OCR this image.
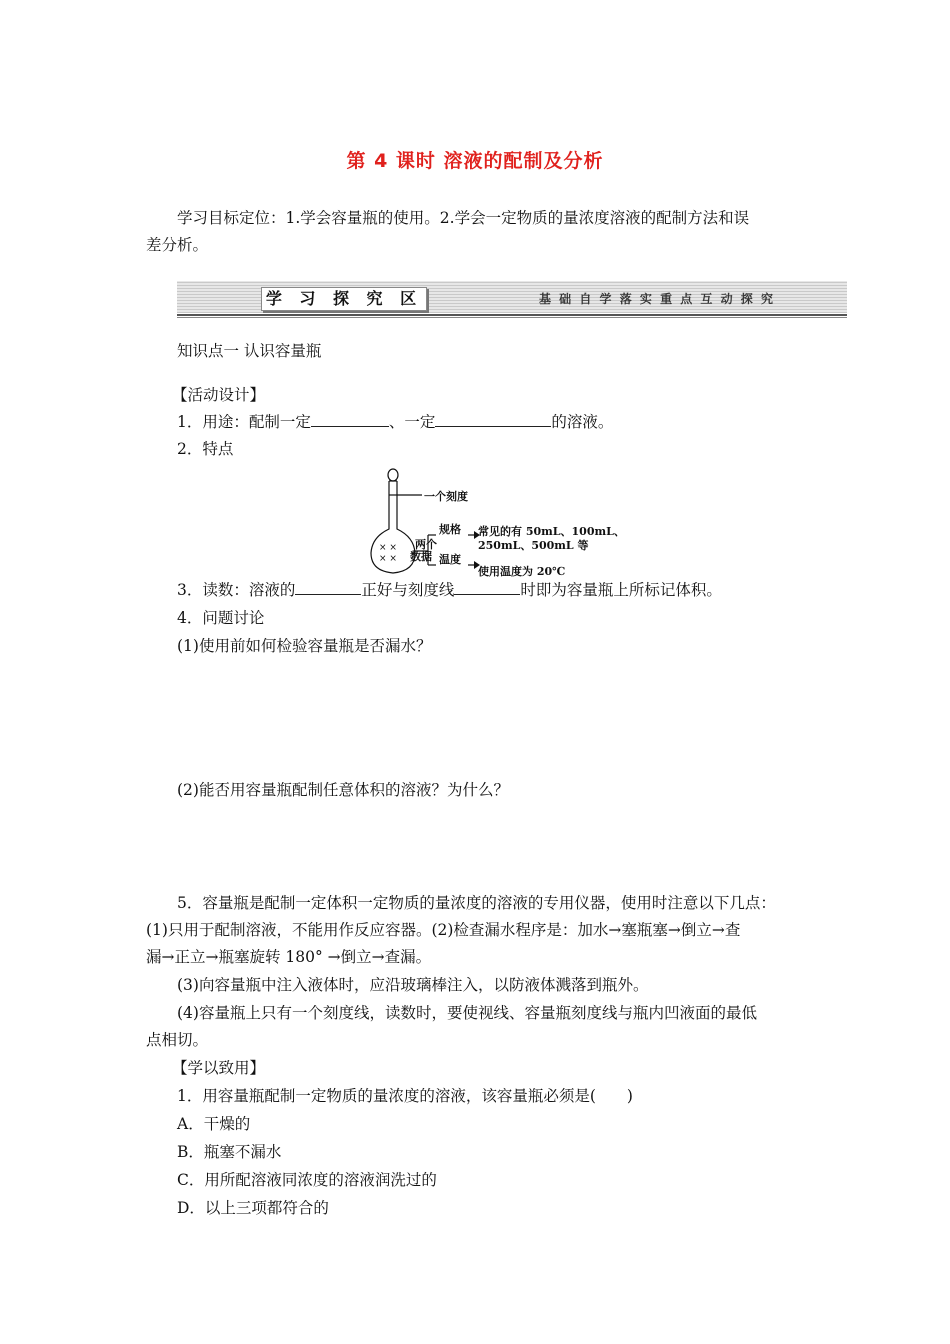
第 4 课时 溶液的配制及分析
学习目标定位：1.学会容量瓶的使用。2.学会一定物质的量浓度溶液的配制方法和误
差分析。
学 习 探 究 区	基 础 自 学 落 实 重 点 互 动 探 究
知识点一 认识容量瓶
【活动设计】
1．用途：配制一定	、一定	的溶液。
2．特点
× ×
× ×
一个刻度
规格 常见的有 50mL、100mL、
250mL、500mL 等
两个
数据 温度
使用温度为 20℃
3．读数：溶液的	正好与刻度线	时即为容量瓶上所标记体积。
4．问题讨论
(1)使用前如何检验容量瓶是否漏水？
(2)能否用容量瓶配制任意体积的溶液？为什么？
5．容量瓶是配制一定体积一定物质的量浓度的溶液的专用仪器，使用时注意以下几点：
(1)只用于配制溶液，不能用作反应容器。(2)检查漏水程序是：加水→塞瓶塞→倒立→查
漏→正立→瓶塞旋转 180° →倒立→查漏。
(3)向容量瓶中注入液体时，应沿玻璃棒注入，以防液体溅落到瓶外。
(4)容量瓶上只有一个刻度线，读数时，要使视线、容量瓶刻度线与瓶内凹液面的最低
点相切。
【学以致用】
1．用容量瓶配制一定物质的量浓度的溶液，该容量瓶必须是(　　)
A．干燥的
B．瓶塞不漏水
C．用所配溶液同浓度的溶液润洗过的
D．以上三项都符合的
